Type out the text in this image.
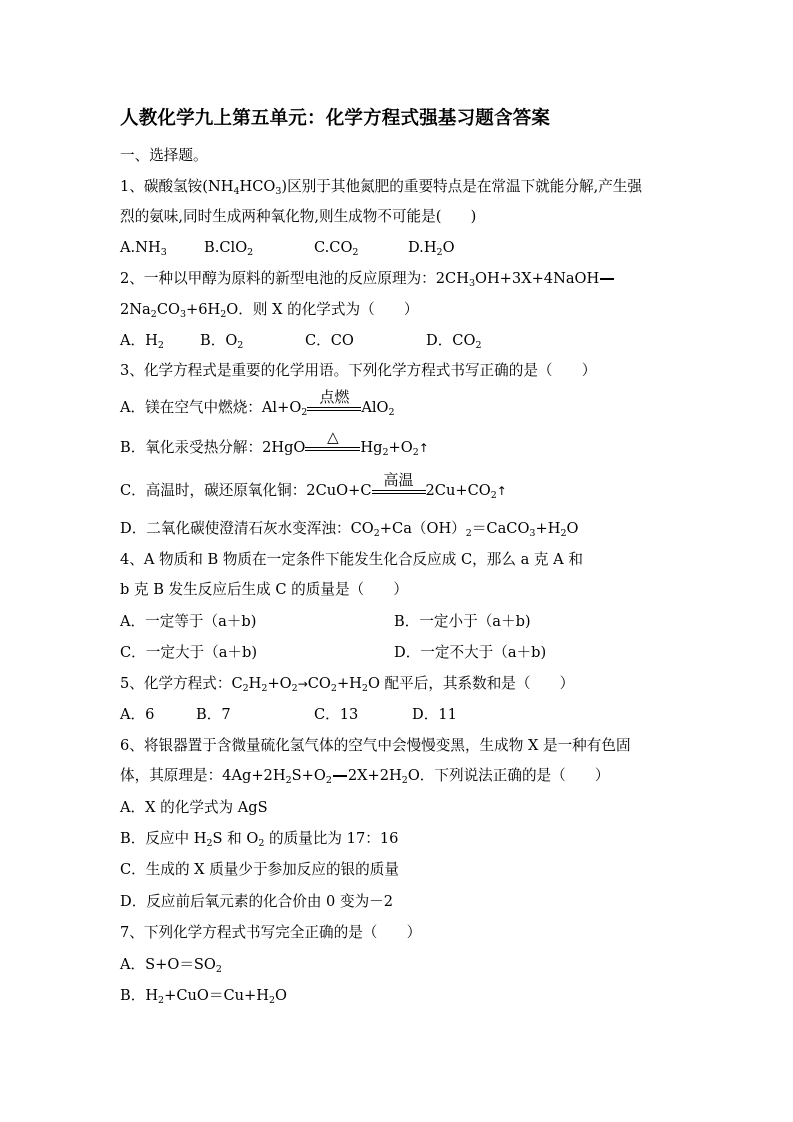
人教化学九上第五单元：化学方程式强基习题含答案
一、选择题。
1、碳酸氢铵$(NH_4HCO_3)$区别于其他氮肥的重要特点是在常温下就能分解,产生强
烈的氨味,同时生成两种氧化物,则生成物不可能是(　　)
$A.NH_3$	B.ClO$_2$	$C.CO_2$	$D.H_2O$
2、一种以甲醇为原料的新型电池的反应原理为：$2CH_3OH+3X+4NaOH$
$2Na_2CO_3+6H_2O$．则 X 的化学式为（　　）
A．$H_2$ B．$O_2$	C．CO	D．$CO_2$
3、化学方程式是重要的化学用语。下列化学方程式书写正确的是（　　）
A．镁在空气中燃烧：$Al+O_2$
点燃
AlO$_2$
B．氧化汞受热分解：2HgO
△
$Hg_2+O_2↑$
C．高温时，碳还原氧化铜：2CuO+C
高温
$2Cu+CO_2↑$
D．二氧化碳使澄清石灰水变浑浊：$CO_2+Ca(OH)_2=CaCO_3+H_2O$
4、A 物质和 B 物质在一定条件下能发生化合反应成 C，那么 a 克 A 和
b 克 B 发生反应后生成 C 的质量是（　　）
A．一定等于（a＋b)	B．一定小于（a＋b)
C．一定大于（a＋b)	D．一定不大于（a＋b)
5、化学方程式：$C_2H_2+O_2\to CO_2+H_2O$ 配平后，其系数和是（　　）
A．6	B．7	C．13	D．11
6、将银器置于含微量硫化氢气体的空气中会慢慢变黑，生成物 X 是一种有色固
体，其原理是：$4Ag+2H_2S+O_2$ $2X+2H_2O$．下列说法正确的是（　　）
A．X 的化学式为 AgS
B．反应中 $H_2S$ 和 $O_2$ 的质量比为 17：16
C．生成的 X 质量少于参加反应的银的质量
D．反应前后氧元素的化合价由 0 变为－2
7、下列化学方程式书写完全正确的是（　　）
A．$S+O=SO_2$
B．$H_2+CuO=Cu+H_2O$
